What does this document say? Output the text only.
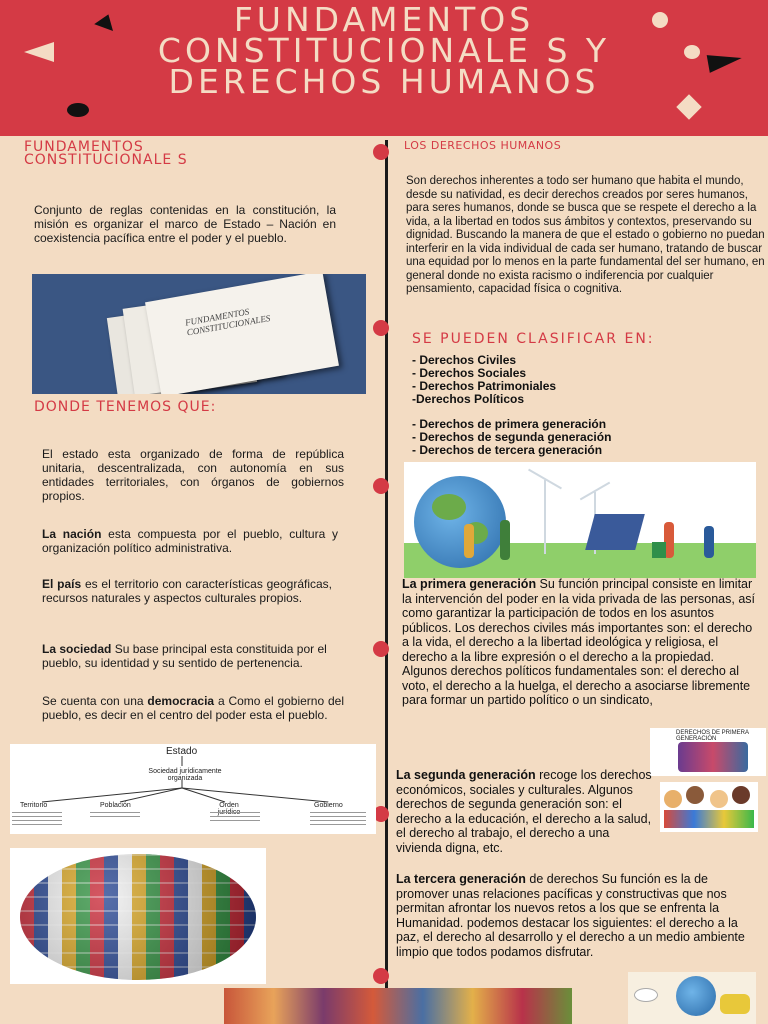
FUNDAMENTOS CONSTITUCIONALE S Y DERECHOS HUMANOS
FUNDAMENTOS CONSTITUCIONALE S

Conjunto de reglas contenidas en la constitución, la misión es organizar el marco de Estado – Nación en coexistencia pacífica entre el poder y el pueblo.

FUNDAMENTOS CONSTITUCIONALES
DONDE TENEMOS QUE:

El estado esta organizado de forma de república unitaria, descentralizada, con autonomía en sus entidades territoriales, con órganos de gobiernos propios.

La nación esta compuesta por el pueblo, cultura y organización político administrativa.

El país es el territorio con características geográficas, recursos naturales y aspectos culturales propios.

La sociedad Su base principal esta constituida por el pueblo, su identidad y su sentido de pertenencia.

Se cuenta con una democracia a Como el gobierno del pueblo, es decir en el centro del poder esta el pueblo.

Estado
Sociedad jurídicamente organizada
Territorio	Población	Orden	Gobierno
LOS DERECHOS HUMANOS

Son derechos inherentes a todo ser humano que habita el mundo, desde su natividad, es decir derechos creados por seres humanos, para seres humanos, donde se busca que se respete el derecho a la vida, a la libertad en todos sus ámbitos y contextos, preservando su dignidad. Buscando la manera de que el estado o gobierno no puedan interferir en la vida individual de cada ser humano, tratando de buscar una equidad por lo menos en la parte fundamental del ser humano, en general donde no exista racismo o indiferencia por cualquier pensamiento, capacidad física o cognitiva.

SE PUEDEN CLASIFICAR EN:
- Derechos Civiles
- Derechos Sociales
- Derechos Patrimoniales
-Derechos Políticos
- Derechos de primera generación
- Derechos de segunda generación
- Derechos de tercera generación

La primera generación Su función principal consiste en limitar la intervención del poder en la vida privada de las personas, así como garantizar la participación de todos en los asuntos públicos. Los derechos civiles más importantes son: el derecho a la vida, el derecho a la libertad ideológica y religiosa, el derecho a la libre expresión o el derecho a la propiedad. Algunos derechos políticos fundamentales son: el derecho al voto, el derecho a la huelga, el derecho a asociarse libremente para formar un partido político o un sindicato,

DERECHOS DE PRIMERA GENERACIÓN

La segunda generación recoge los derechos económicos, sociales y culturales. Algunos derechos de segunda generación son: el derecho a la educación, el derecho a la salud, el derecho al trabajo, el derecho a una vivienda digna, etc.

La tercera generación de derechos Su función es la de promover unas relaciones pacíficas y constructivas que nos permitan afrontar los nuevos retos a los que se enfrenta la Humanidad. podemos destacar los siguientes: el derecho a la paz, el derecho al desarrollo y el derecho a un medio ambiente limpio que todos podamos disfrutar.
